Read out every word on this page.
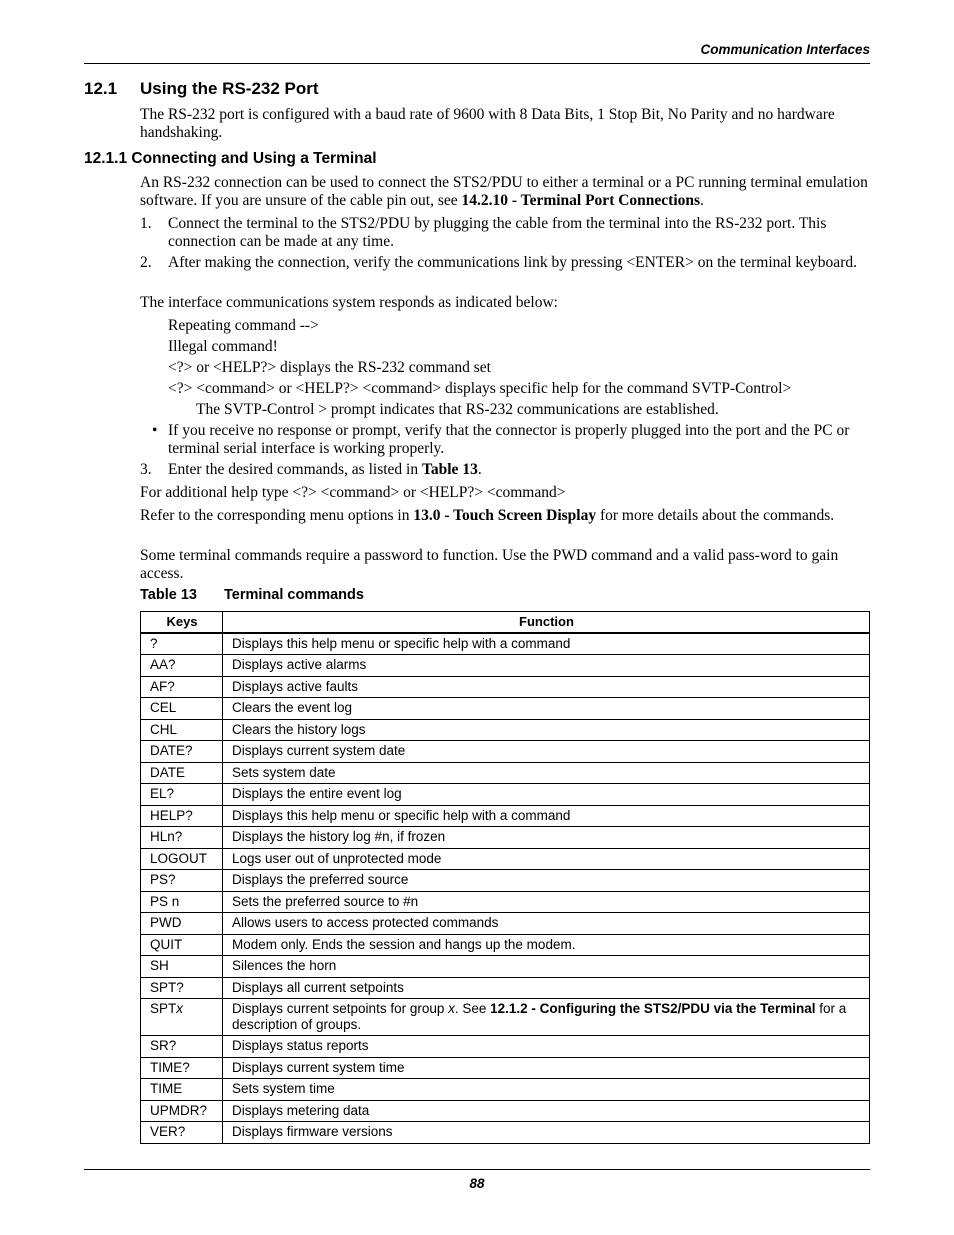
Communication Interfaces
12.1 Using the RS-232 Port

The RS-232 port is configured with a baud rate of 9600 with 8 Data Bits, 1 Stop Bit, No Parity and no hardware handshaking.

12.1.1 Connecting and Using a Terminal

An RS-232 connection can be used to connect the STS2/PDU to either a terminal or a PC running terminal emulation software. If you are unsure of the cable pin out, see 14.2.10 - Terminal Port Connections.

1. Connect the terminal to the STS2/PDU by plugging the cable from the terminal into the RS-232 port. This connection can be made at any time.

2. After making the connection, verify the communications link by pressing <ENTER> on the terminal keyboard.

The interface communications system responds as indicated below:

Repeating command -->

Illegal command!

<?> or <HELP?> displays the RS-232 command set

<?> <command> or <HELP?> <command> displays specific help for the command SVTP-Control>

The SVTP-Control > prompt indicates that RS-232 communications are established.

• If you receive no response or prompt, verify that the connector is properly plugged into the port and the PC or terminal serial interface is working properly.

3. Enter the desired commands, as listed in Table 13.

For additional help type <?> <command> or <HELP?> <command>

Refer to the corresponding menu options in 13.0 - Touch Screen Display for more details about the commands.

Some terminal commands require a password to function. Use the PWD command and a valid pass-word to gain access.

Table 13 Terminal commands
Keys	Function
?	Displays this help menu or specific help with a command
AA?	Displays active alarms
AF?	Displays active faults
CEL	Clears the event log
CHL	Clears the history logs
DATE?	Displays current system date
DATE	Sets system date
EL?	Displays the entire event log
HELP?	Displays this help menu or specific help with a command
HLn?	Displays the history log #n, if frozen
LOGOUT	Logs user out of unprotected mode
PS?	Displays the preferred source
PS n	Sets the preferred source to #n
PWD	Allows users to access protected commands
QUIT	Modem only. Ends the session and hangs up the modem.
SH	Silences the horn
SPT?	Displays all current setpoints
SPTx	Displays current setpoints for group x. See 12.1.2 - Configuring the STS2/PDU via the Terminal for a description of groups.
SR?	Displays status reports
TIME?	Displays current system time
TIME	Sets system time
UPMDR?	Displays metering data
VER?	Displays firmware versions
88
